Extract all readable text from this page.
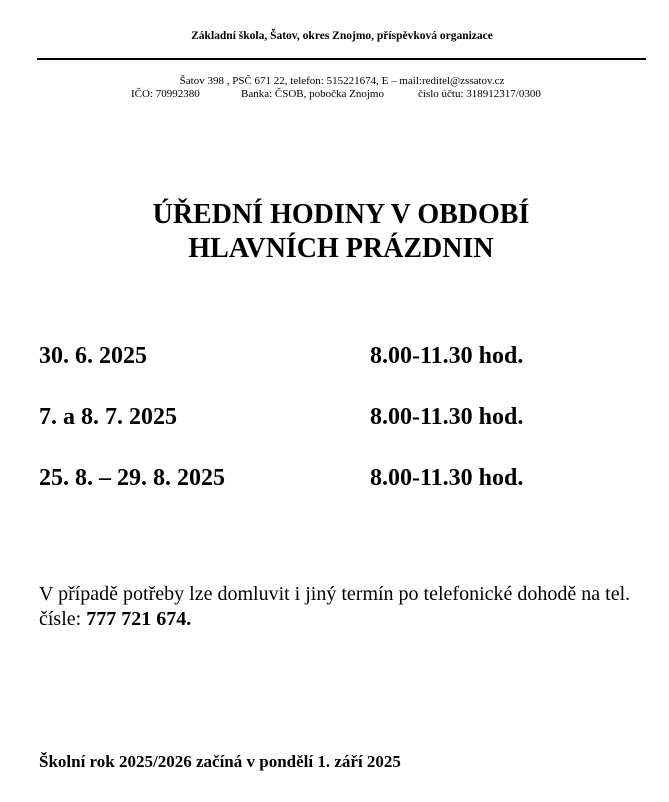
Základní škola, Šatov, okres Znojmo, příspěvková organizace
Šatov 398 , PSČ 671 22, telefon: 515221674, E – mail:reditel@zssatov.cz
IČO: 70992380	Banka: ČSOB, pobočka Znojmo	číslo účtu: 318912317/0300
ÚŘEDNÍ HODINY V OBDOBÍ
HLAVNÍCH PRÁZDNIN
30. 6. 2025	8.00-11.30 hod.
7. a 8. 7. 2025	8.00-11.30 hod.
25. 8. – 29. 8. 2025	8.00-11.30 hod.
V případě potřeby lze domluvit i jiný termín po telefonické dohodě na tel. čísle: 777 721 674.
Školní rok 2025/2026 začíná v pondělí 1. září 2025
